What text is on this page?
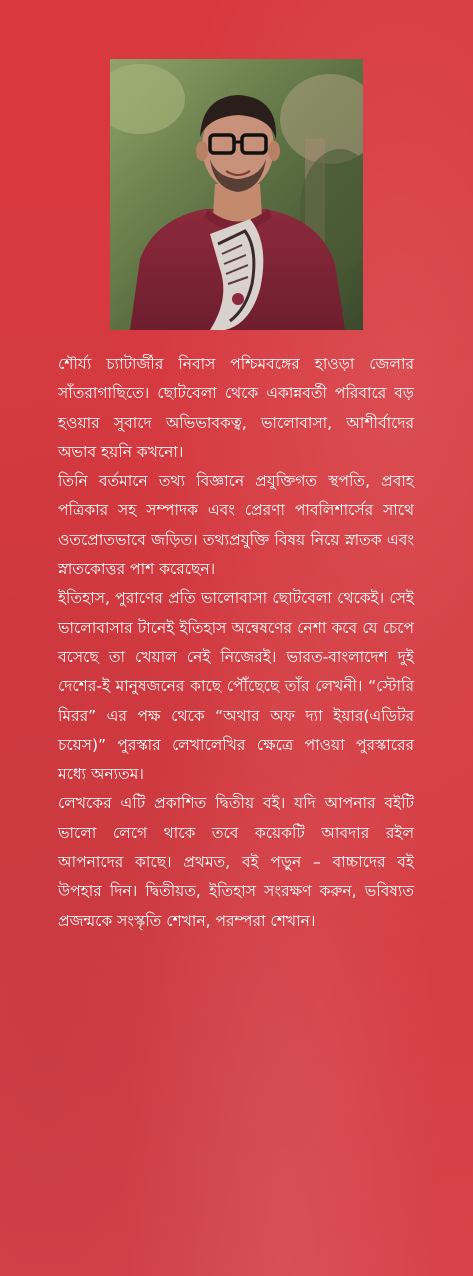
শৌর্য্য চ্যাটার্জীর নিবাস পশ্চিমবঙ্গের হাওড়া জেলার সাঁতরাগাছিতে। ছোটবেলা থেকে একান্নবর্তী পরিবারে বড় হওয়ার সুবাদে অভিভাবকত্ব, ভালোবাসা, আশীর্বাদের অভাব হয়নি কখনো।

তিনি বর্তমানে তথ্য বিজ্ঞানে প্রযুক্তিগত স্থপতি, প্রবাহ পত্রিকার সহ সম্পাদক এবং প্রেরণা পাবলিশার্সের সাথে ওতপ্রোতভাবে জড়িত। তথ্যপ্রযুক্তি বিষয় নিয়ে স্নাতক এবং স্নাতকোত্তর পাশ করেছেন।

ইতিহাস, পুরাণের প্রতি ভালোবাসা ছোটবেলা থেকেই। সেই ভালোবাসার টানেই ইতিহাস অন্বেষণের নেশা কবে যে চেপে বসেছে তা খেয়াল নেই নিজেরই। ভারত-বাংলাদেশ দুই দেশের-ই মানুষজনের কাছে পৌঁছেছে তাঁর লেখনী। “স্টোরি মিরর” এর পক্ষ থেকে “অথার অফ দ্যা ইয়ার(এডিটর চয়েস)” পুরস্কার লেখালেখির ক্ষেত্রে পাওয়া পুরস্কারের মধ্যে অন্যতম।

লেখকের এটি প্রকাশিত দ্বিতীয় বই। যদি আপনার বইটি ভালো লেগে থাকে তবে কয়েকটি আবদার রইল আপনাদের কাছে। প্রথমত, বই পড়ুন – বাচ্চাদের বই উপহার দিন। দ্বিতীয়ত, ইতিহাস সংরক্ষণ করুন, ভবিষ্যত প্রজন্মকে সংস্কৃতি শেখান, পরম্পরা শেখান।
